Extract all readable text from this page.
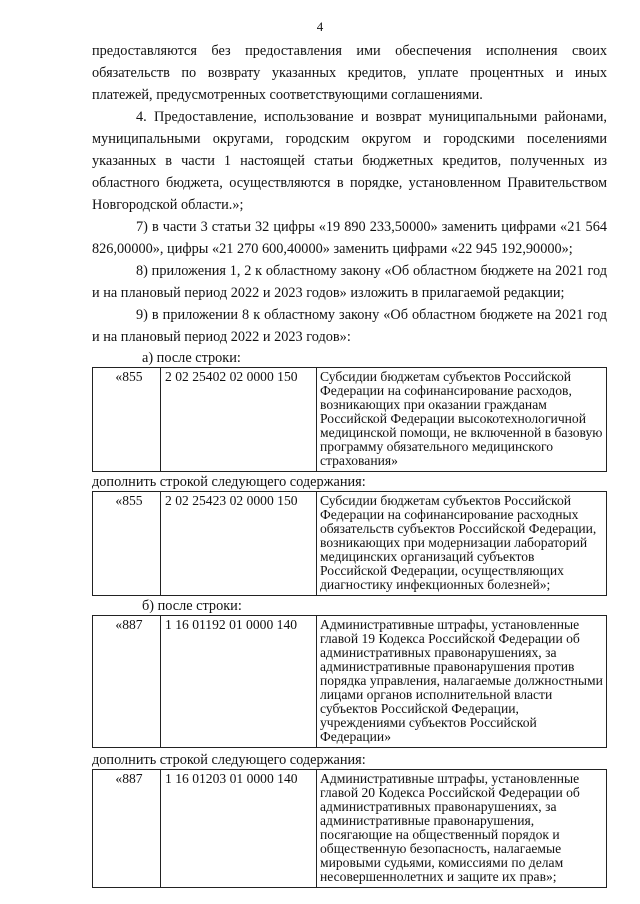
4

предоставляются без предоставления ими обеспечения исполнения своих обязательств по возврату указанных кредитов, уплате процентных и иных платежей, предусмотренных соответствующими соглашениями.

4. Предоставление, использование и возврат муниципальными районами, муниципальными округами, городским округом и городскими поселениями указанных в части 1 настоящей статьи бюджетных кредитов, полученных из областного бюджета, осуществляются в порядке, установленном Правительством Новгородской области.»;

7) в части 3 статьи 32 цифры «19 890 233,50000» заменить цифрами «21 564 826,00000», цифры «21 270 600,40000» заменить цифрами «22 945 192,90000»;

8) приложения 1, 2 к областному закону «Об областном бюджете на 2021 год и на плановый период 2022 и 2023 годов» изложить в прилагаемой редакции;

9) в приложении 8 к областному закону «Об областном бюджете на 2021 год и на плановый период 2022 и 2023 годов»:

а) после строки:

«855	2 02 25402 02 0000 150	Субсидии бюджетам субъектов Российской Федерации на софинансирование расходов, возникающих при оказании гражданам Российской Федерации высокотехнологичной медицинской помощи, не включенной в базовую программу обязательного медицинского страхования»

дополнить строкой следующего содержания:

«855	2 02 25423 02 0000 150	Субсидии бюджетам субъектов Российской Федерации на софинансирование расходных обязательств субъектов Российской Федерации, возникающих при модернизации лабораторий медицинских организаций субъектов Российской Федерации, осуществляющих диагностику инфекционных болезней»;

б) после строки:

«887	1 16 01192 01 0000 140	Административные штрафы, установленные главой 19 Кодекса Российской Федерации об административных правонарушениях, за административные правонарушения против порядка управления, налагаемые должностными лицами органов исполнительной власти субъектов Российской Федерации, учреждениями субъектов Российской Федерации»

дополнить строкой следующего содержания:

«887	1 16 01203 01 0000 140	Административные штрафы, установленные главой 20 Кодекса Российской Федерации об административных правонарушениях, за административные правонарушения, посягающие на общественный порядок и общественную безопасность, налагаемые мировыми судьями, комиссиями по делам несовершеннолетних и защите их прав»;
